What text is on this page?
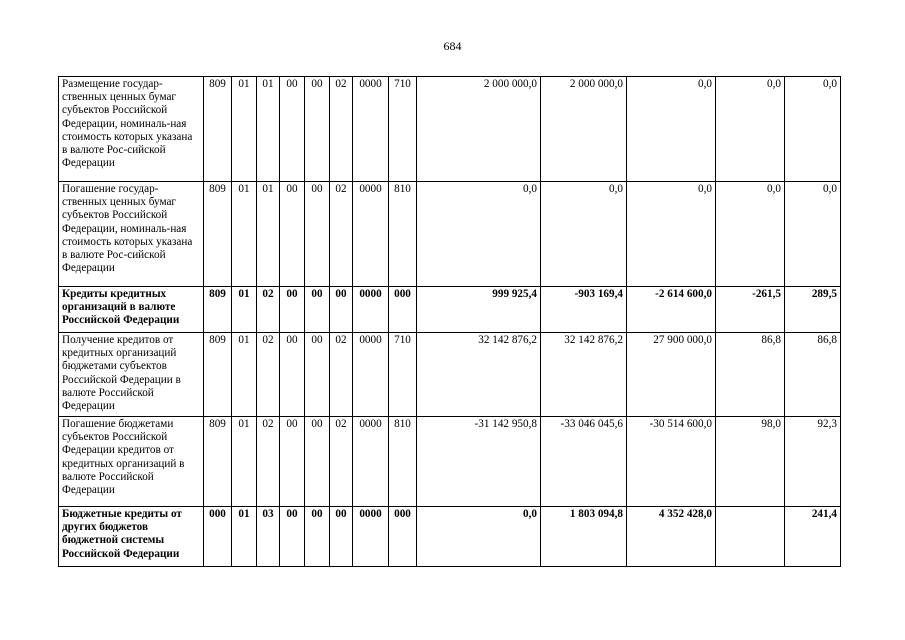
684
Размещение государ-ственных ценных бумаг субъектов Российской Федерации, номиналь-ная стоимость которых указана в валюте Рос-сийской Федерации	809	01	01	00	00	02	0000	710	2 000 000,0	2 000 000,0	0,0	0,0	0,0
Погашение государ-ственных ценных бумаг субъектов Российской Федерации, номиналь-ная стоимость которых указана в валюте Рос-сийской Федерации	809	01	01	00	00	02	0000	810	0,0	0,0	0,0	0,0	0,0
Кредиты кредитных организаций в валюте Российской Федерации	809	01	02	00	00	00	0000	000	999 925,4	-903 169,4	-2 614 600,0	-261,5	289,5
Получение кредитов от кредитных организаций бюджетами субъектов Российской Федерации в валюте Российской Федерации	809	01	02	00	00	02	0000	710	32 142 876,2	32 142 876,2	27 900 000,0	86,8	86,8
Погашение бюджетами субъектов Российской Федерации кредитов от кредитных организаций в валюте Российской Федерации	809	01	02	00	00	02	0000	810	-31 142 950,8	-33 046 045,6	-30 514 600,0	98,0	92,3
Бюджетные кредиты от других бюджетов бюджетной системы Российской Федерации	000	01	03	00	00	00	0000	000	0,0	1 803 094,8	4 352 428,0		241,4
